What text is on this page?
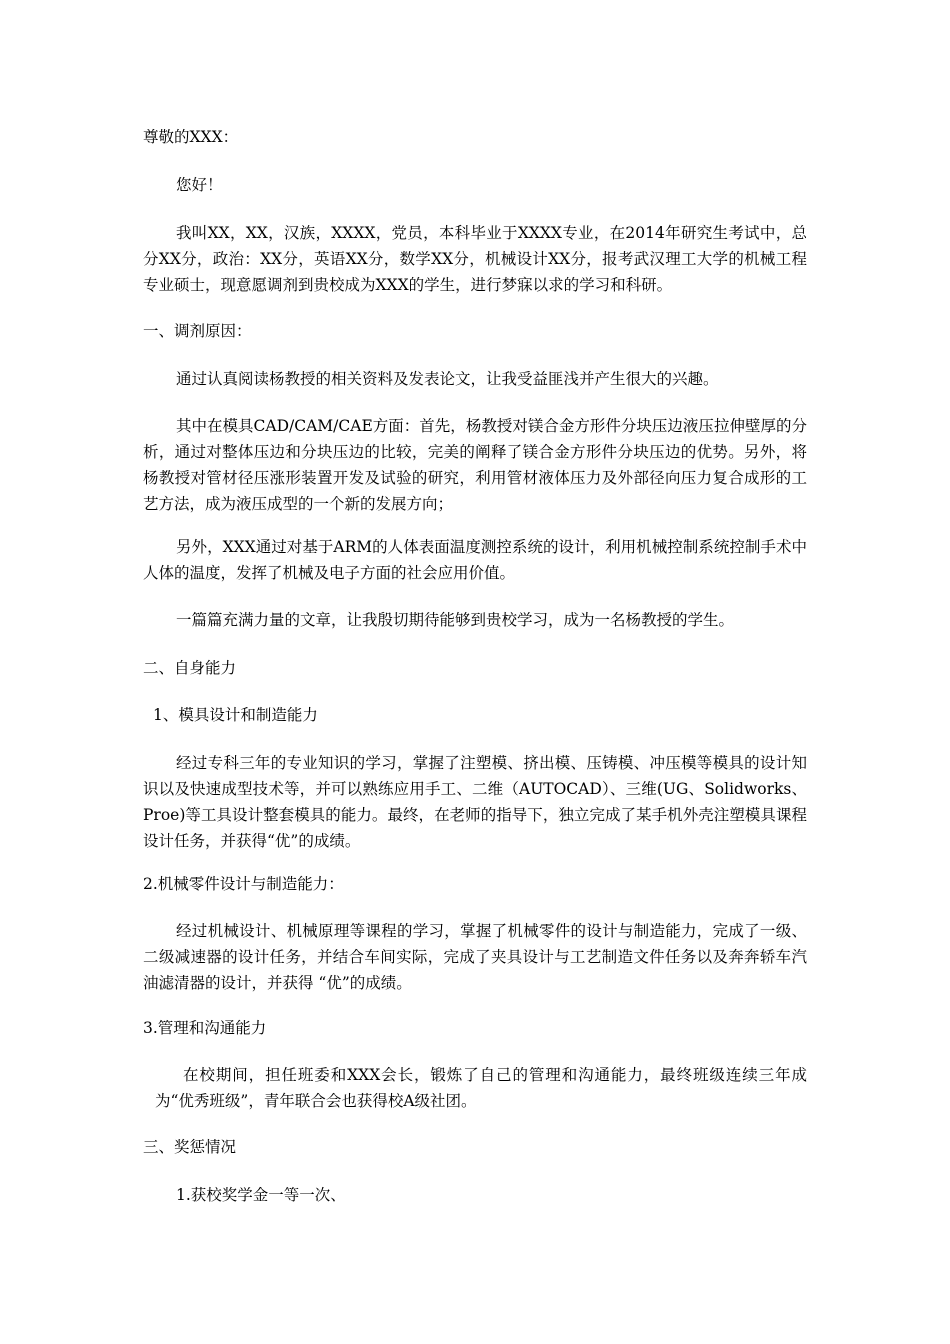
尊敬的XXX：

您好！

我叫XX，XX，汉族，XXXX，党员，本科毕业于XXXX专业，在2014年研究生考试中，总分XX分，政治：XX分，英语XX分，数学XX分，机械设计XX分，报考武汉理工大学的机械工程专业硕士，现意愿调剂到贵校成为XXX的学生，进行梦寐以求的学习和科研。

一、调剂原因：

通过认真阅读杨教授的相关资料及发表论文，让我受益匪浅并产生很大的兴趣。

其中在模具CAD/CAM/CAE方面：首先，杨教授对镁合金方形件分块压边液压拉伸壁厚的分析，通过对整体压边和分块压边的比较，完美的阐释了镁合金方形件分块压边的优势。另外，将杨教授对管材径压涨形装置开发及试验的研究，利用管材液体压力及外部径向压力复合成形的工艺方法，成为液压成型的一个新的发展方向；

另外，XXX通过对基于ARM的人体表面温度测控系统的设计，利用机械控制系统控制手术中人体的温度，发挥了机械及电子方面的社会应用价值。

一篇篇充满力量的文章，让我殷切期待能够到贵校学习，成为一名杨教授的学生。

二、自身能力

1、模具设计和制造能力

经过专科三年的专业知识的学习，掌握了注塑模、挤出模、压铸模、冲压模等模具的设计知识以及快速成型技术等，并可以熟练应用手工、二维（AUTOCAD）、三维(UG、Solidworks、Proe)等工具设计整套模具的能力。最终，在老师的指导下，独立完成了某手机外壳注塑模具课程设计任务，并获得“优”的成绩。

2.机械零件设计与制造能力：

经过机械设计、机械原理等课程的学习，掌握了机械零件的设计与制造能力，完成了一级、二级减速器的设计任务，并结合车间实际，完成了夹具设计与工艺制造文件任务以及奔奔轿车汽油滤清器的设计，并获得 “优”的成绩。

3.管理和沟通能力

在校期间，担任班委和XXX会长，锻炼了自己的管理和沟通能力，最终班级连续三年成为“优秀班级”，青年联合会也获得校A级社团。

三、奖惩情况

1.获校奖学金一等一次、
